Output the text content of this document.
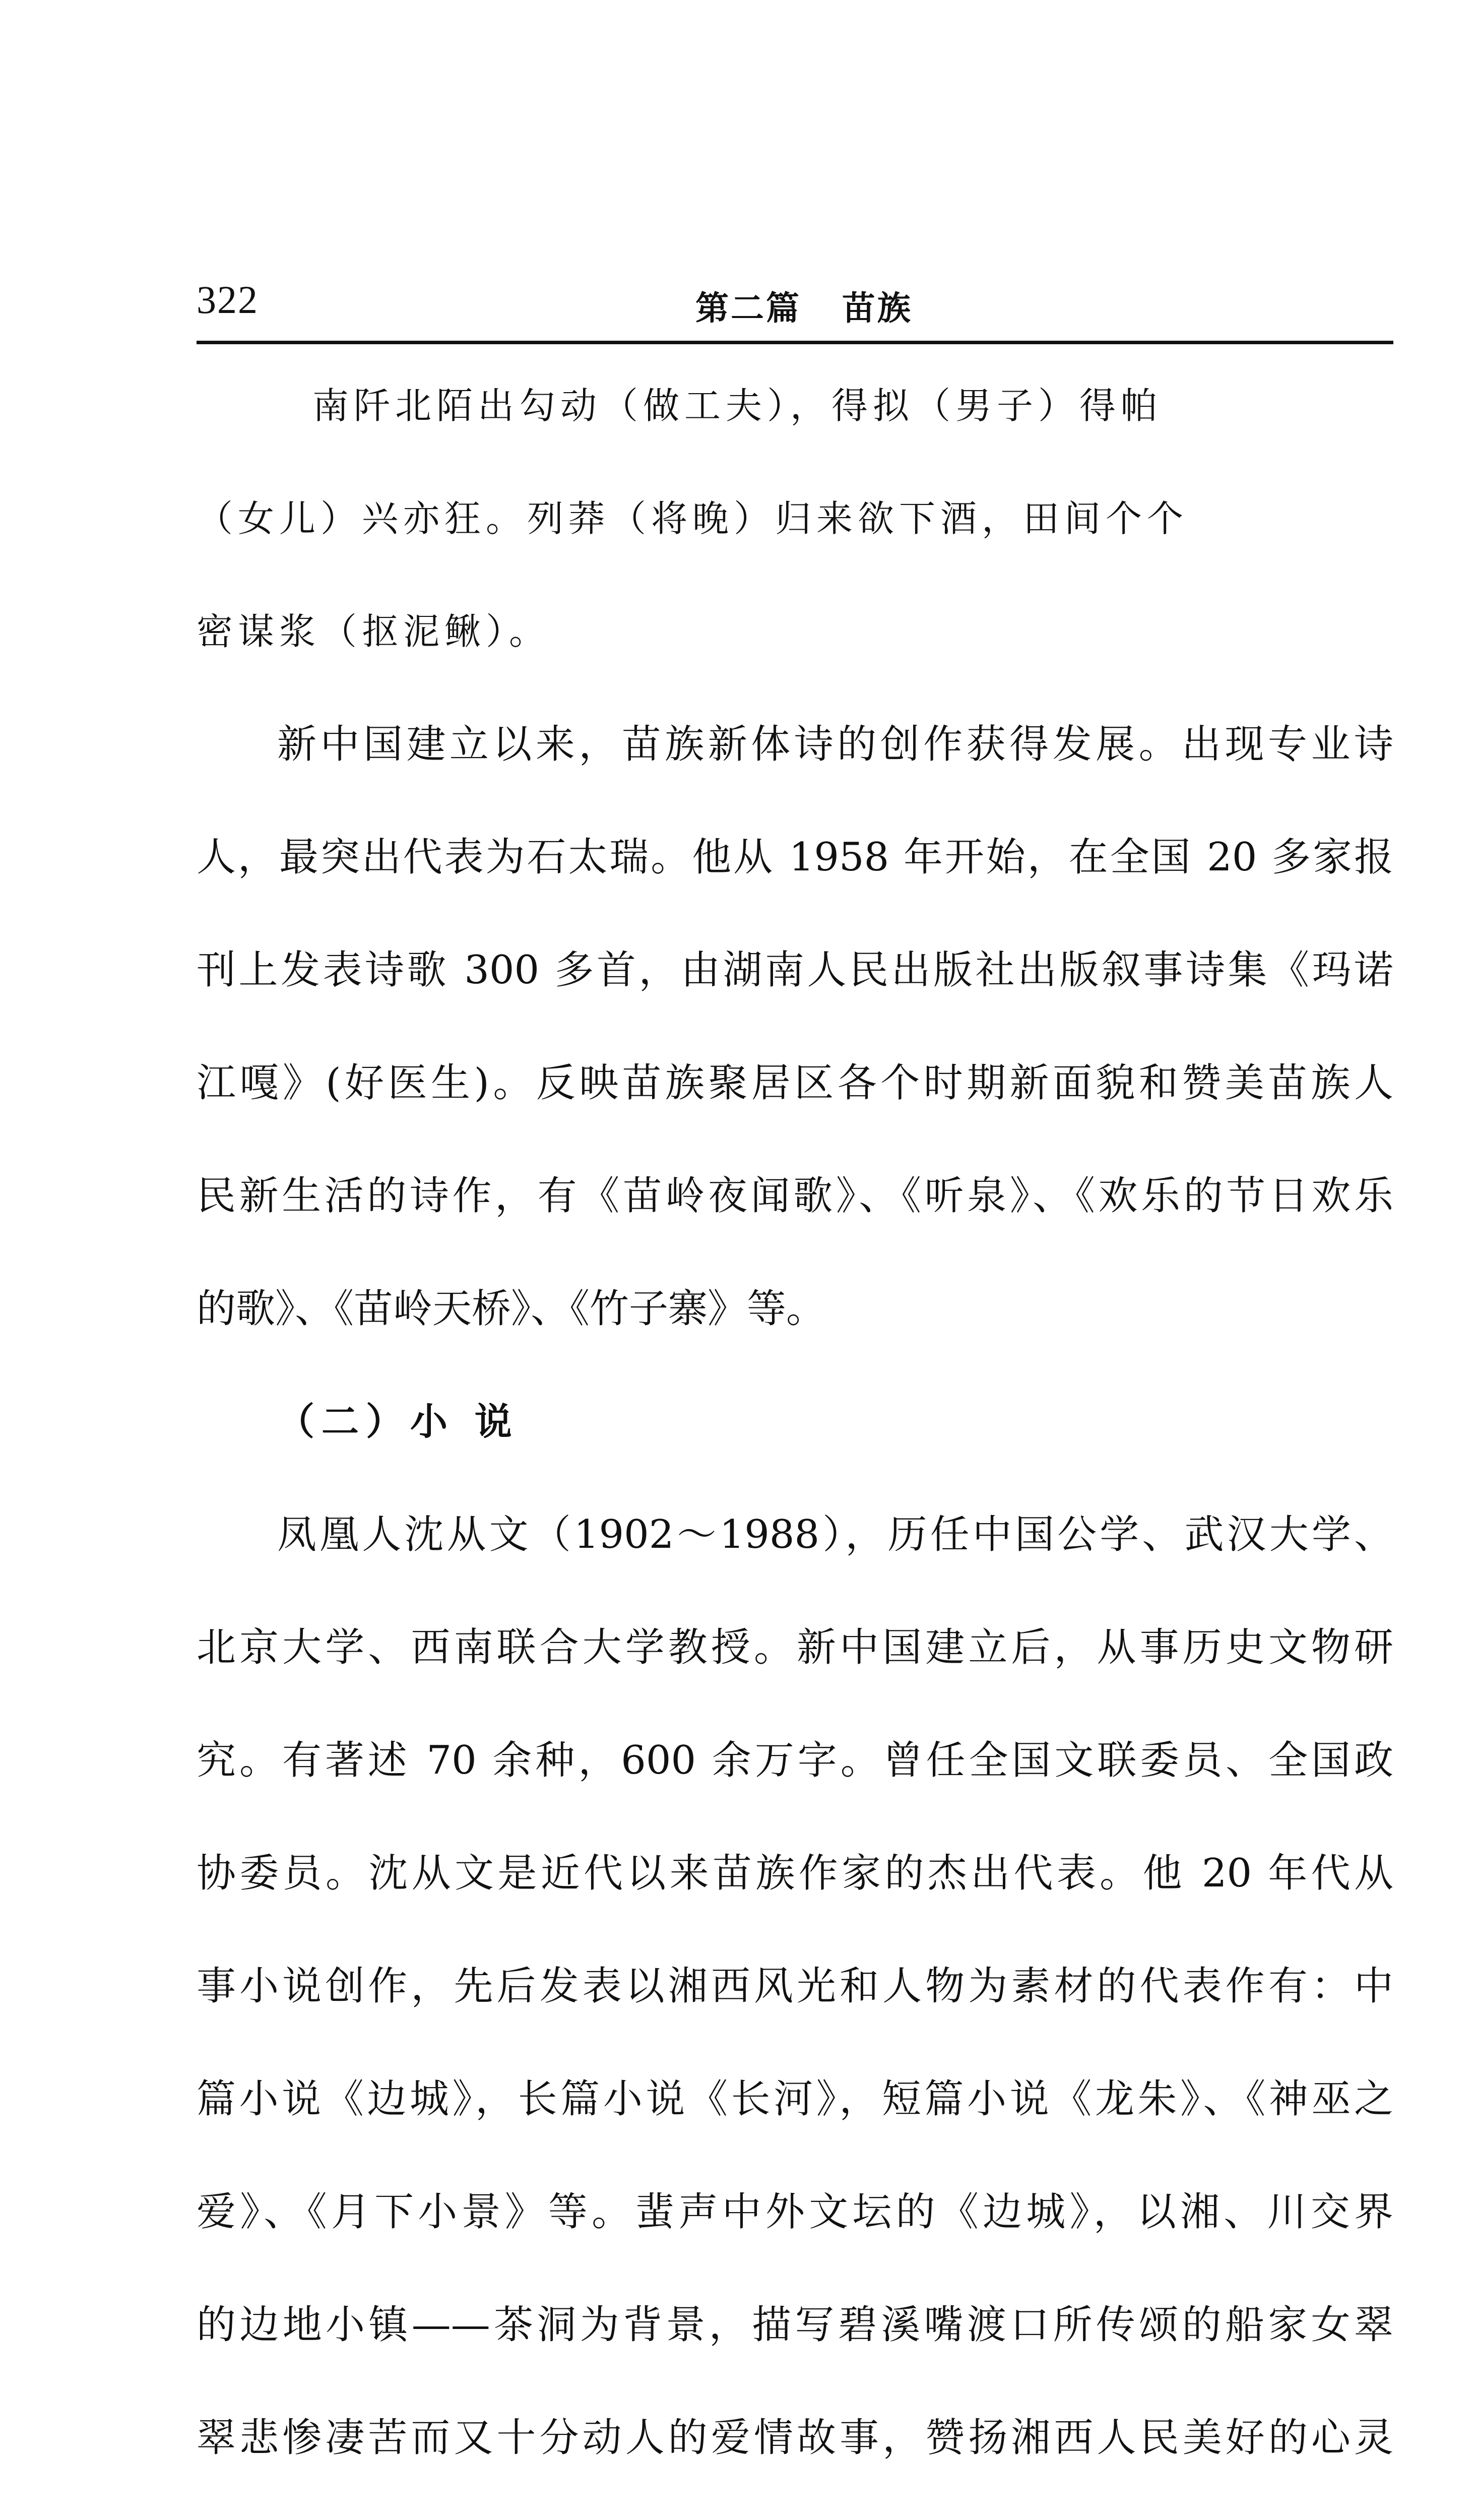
322	第二篇   苗族
南阡北陌出勾动（做工夫），得拟（男子）得帕
（女儿）兴亦狂。列莽（将晚）归来欲下酒，田间个个
密谋浆（抠泥鳅）。
新中国建立以来，苗族新体诗的创作获得发展。出现专业诗
人，最突出代表为石太瑞。他从 1958 年开始，在全国 20 多家报
刊上发表诗歌 300 多首，由湖南人民出版社出版叙事诗集《玛诺
江嘎》(好医生)。反映苗族聚居区各个时期新面貌和赞美苗族人
民新生活的诗作，有《苗岭夜闻歌》、《听泉》、《欢乐的节日欢乐
的歌》、《苗岭天桥》、《竹子寨》等。
（二）小 说
凤凰人沈从文（1902～1988），历任中国公学、武汉大学、
北京大学、西南联合大学教授。新中国建立后，从事历史文物研
究。有著述 70 余种，600 余万字。曾任全国文联委员、全国政
协委员。沈从文是近代以来苗族作家的杰出代表。他 20 年代从
事小说创作，先后发表以湘西风光和人物为素材的代表作有：中
篇小说《边城》，长篇小说《长河》，短篇小说《龙朱》、《神巫之
爱》、《月下小景》等。蜚声中外文坛的《边城》，以湘、川交界
的边地小镇——茶洞为背景，描写碧溪嘴渡口所传颂的船家女翠
翠悲惨凄苦而又十分动人的爱情故事，赞扬湘西人民美好的心灵
